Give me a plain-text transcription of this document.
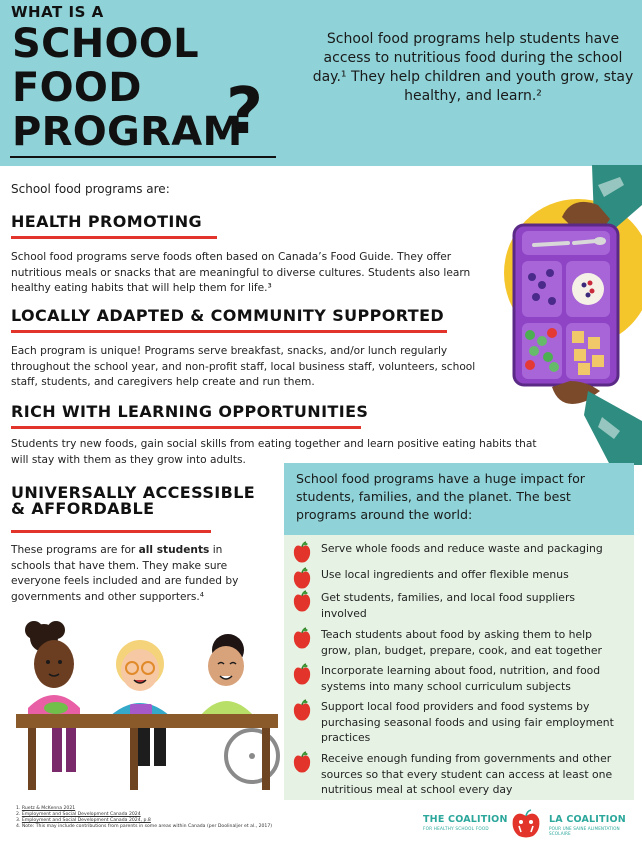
WHAT IS A
SCHOOL
FOOD
PROGRAM
?
School food programs help students have access to nutritious food during the school day.¹ They help children and youth grow, stay healthy, and learn.²
School food programs are:
HEALTH PROMOTING
School food programs serve foods often based on Canada’s Food Guide. They offer nutritious meals or snacks that are meaningful to diverse cultures. Students also learn healthy eating habits that will help them for life.³
LOCALLY ADAPTED & COMMUNITY SUPPORTED
Each program is unique! Programs serve breakfast, snacks, and/or lunch regularly throughout the school year, and non-profit staff, local business staff, volunteers, school staff, students, and caregivers help create and run them.
RICH WITH LEARNING OPPORTUNITIES
Students try new foods, gain social skills from eating together and learn positive eating habits that will stay with them as they grow into adults.
UNIVERSALLY ACCESSIBLE
& AFFORDABLE
These programs are for all students in schools that have them. They make sure everyone feels included and are funded by governments and other supporters.⁴
School food programs have a huge impact for students, families, and the planet. The best programs around the world:
Serve whole foods and reduce waste and packaging
Use local ingredients and offer flexible menus
Get students, families, and local food suppliers involved
Teach students about food by asking them to help grow, plan, budget, prepare, cook, and eat together
Incorporate learning about food, nutrition, and food systems into many school curriculum subjects
Support local food providers and food systems by purchasing seasonal foods and using fair employment practices
Receive enough funding from governments and other sources so that every student can access at least one nutritious meal at school every day
1. Ruetz & McKenna 2021
2. Employment and Social Development Canada 2024
3. Employment and Social Development Canada 2024, p.8
4. Note: This may include contributions from parents in some areas within Canada (per Doolinaljer et al., 2017)
THE COALITION
FOR HEALTHY SCHOOL FOOD
LA COALITION
POUR UNE SAINE ALIMENTATION SCOLAIRE
